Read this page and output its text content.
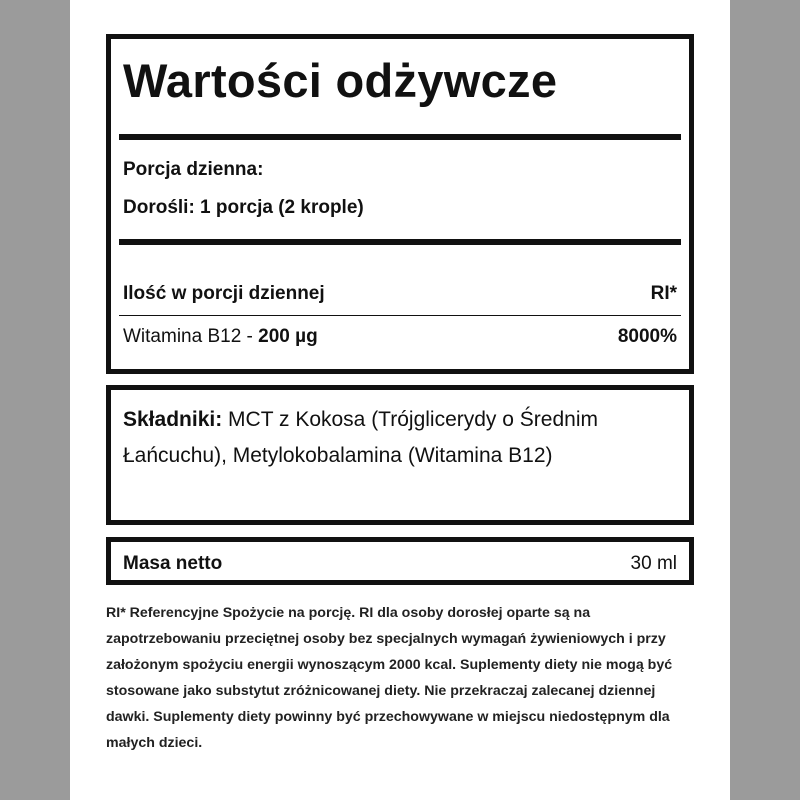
Wartości odżywcze
Porcja dzienna:
Dorośli: 1 porcja (2 krople)
Ilość w porcji dziennej	RI*
Witamina B12 - 200 µg	8000%
Składniki: MCT z Kokosa (Trójglicerydy o Średnim Łańcuchu), Metylokobalamina (Witamina B12)
Masa netto	30 ml
RI* Referencyjne Spożycie na porcję. RI dla osoby dorosłej oparte są na zapotrzebowaniu przeciętnej osoby bez specjalnych wymagań żywieniowych i przy założonym spożyciu energii wynoszącym 2000 kcal. Suplementy diety nie mogą być stosowane jako substytut zróżnicowanej diety. Nie przekraczaj zalecanej dziennej dawki. Suplementy diety powinny być przechowywane w miejscu niedostępnym dla małych dzieci.
